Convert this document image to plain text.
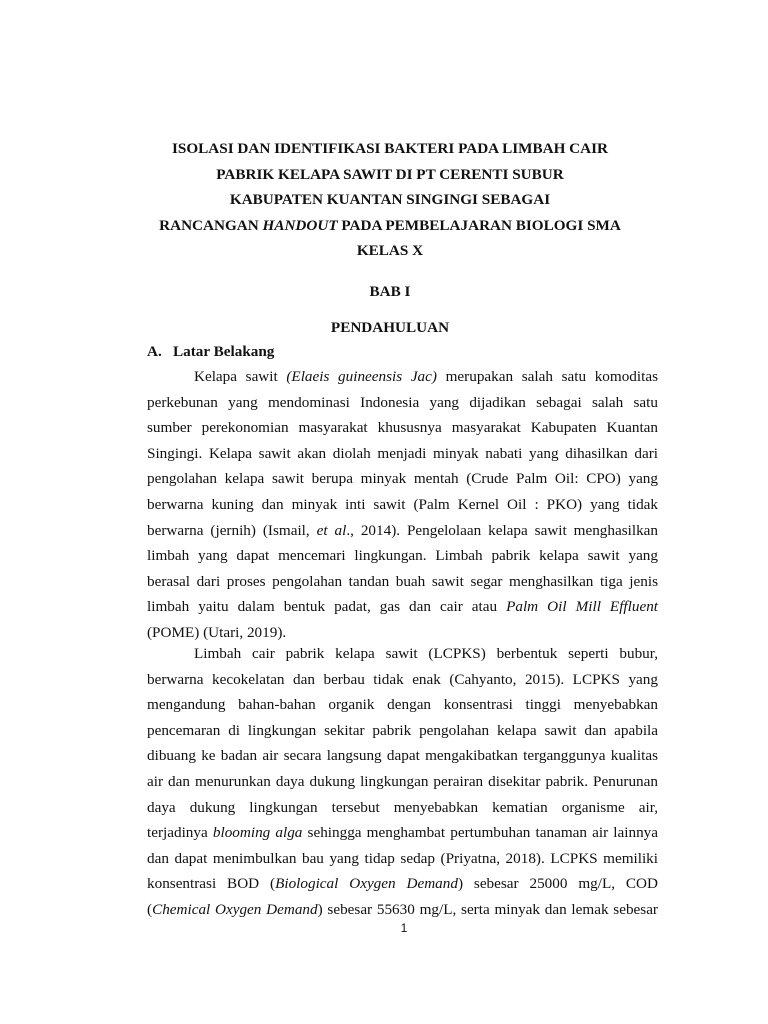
ISOLASI DAN IDENTIFIKASI BAKTERI PADA LIMBAH CAIR
PABRIK KELAPA SAWIT DI PT CERENTI SUBUR
KABUPATEN KUANTAN SINGINGI SEBAGAI
RANCANGAN HANDOUT PADA PEMBELAJARAN BIOLOGI SMA
KELAS X
BAB I
PENDAHULUAN
A. Latar Belakang
Kelapa sawit (Elaeis guineensis Jac) merupakan salah satu komoditas
perkebunan yang mendominasi Indonesia yang dijadikan sebagai salah satu
sumber perekonomian masyarakat khususnya masyarakat Kabupaten Kuantan
Singingi. Kelapa sawit akan diolah menjadi minyak nabati yang dihasilkan dari
pengolahan kelapa sawit berupa minyak mentah (Crude Palm Oil: CPO) yang
berwarna kuning dan minyak inti sawit (Palm Kernel Oil : PKO) yang tidak
berwarna (jernih) (Ismail, et al., 2014). Pengelolaan kelapa sawit menghasilkan
limbah yang dapat mencemari lingkungan. Limbah pabrik kelapa sawit yang
berasal dari proses pengolahan tandan buah sawit segar menghasilkan tiga jenis
limbah yaitu dalam bentuk padat, gas dan cair atau Palm Oil Mill Effluent
(POME) (Utari, 2019).
Limbah cair pabrik kelapa sawit (LCPKS) berbentuk seperti bubur,
berwarna kecokelatan dan berbau tidak enak (Cahyanto, 2015). LCPKS yang
mengandung bahan-bahan organik dengan konsentrasi tinggi menyebabkan
pencemaran di lingkungan sekitar pabrik pengolahan kelapa sawit dan apabila
dibuang ke badan air secara langsung dapat mengakibatkan terganggunya kualitas
air dan menurunkan daya dukung lingkungan perairan disekitar pabrik. Penurunan
daya dukung lingkungan tersebut menyebabkan kematian organisme air,
terjadinya blooming alga sehingga menghambat pertumbuhan tanaman air lainnya
dan dapat menimbulkan bau yang tidap sedap (Priyatna, 2018). LCPKS memiliki
konsentrasi BOD (Biological Oxygen Demand) sebesar 25000 mg/L, COD
(Chemical Oxygen Demand) sebesar 55630 mg/L, serta minyak dan lemak sebesar
1
